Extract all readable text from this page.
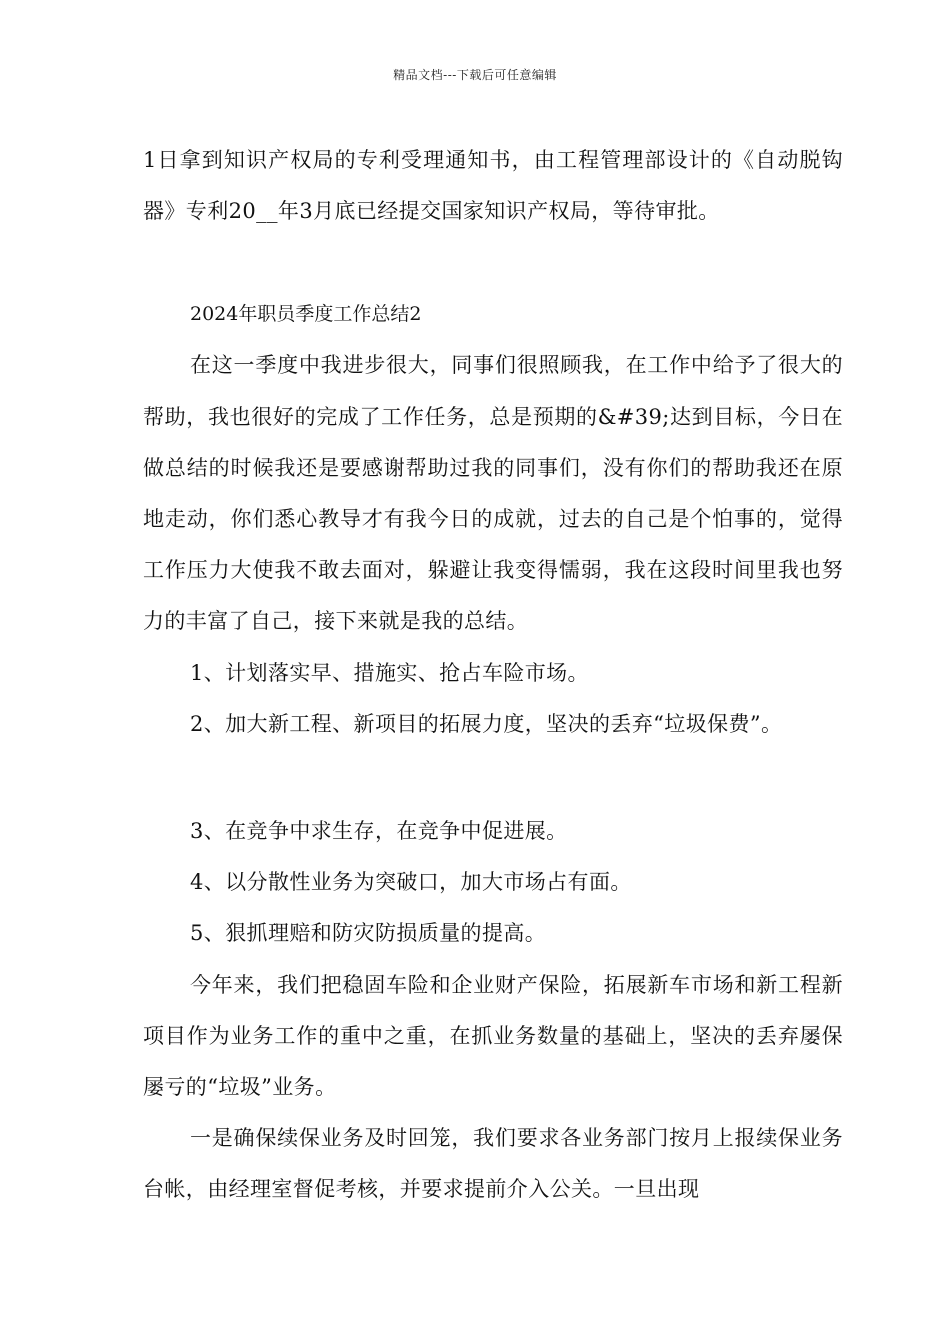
精品文档---下载后可任意编辑

1日拿到知识产权局的专利受理通知书，由工程管理部设计的《自动脱钩器》专利20__年3月底已经提交国家知识产权局，等待审批。

2024年职员季度工作总结2

在这一季度中我进步很大，同事们很照顾我，在工作中给予了很大的帮助，我也很好的完成了工作任务，总是预期的&#39;达到目标，今日在做总结的时候我还是要感谢帮助过我的同事们，没有你们的帮助我还在原地走动，你们悉心教导才有我今日的成就，过去的自己是个怕事的，觉得工作压力大使我不敢去面对，躲避让我变得懦弱，我在这段时间里我也努力的丰富了自己，接下来就是我的总结。

1、计划落实早、措施实、抢占车险市场。

2、加大新工程、新项目的拓展力度，坚决的丢弃“垃圾保费”。

3、在竞争中求生存，在竞争中促进展。

4、以分散性业务为突破口，加大市场占有面。

5、狠抓理赔和防灾防损质量的提高。

今年来，我们把稳固车险和企业财产保险，拓展新车市场和新工程新项目作为业务工作的重中之重，在抓业务数量的基础上，坚决的丢弃屡保屡亏的“垃圾”业务。

一是确保续保业务及时回笼，我们要求各业务部门按月上报续保业务台帐，由经理室督促考核，并要求提前介入公关。一旦出现
